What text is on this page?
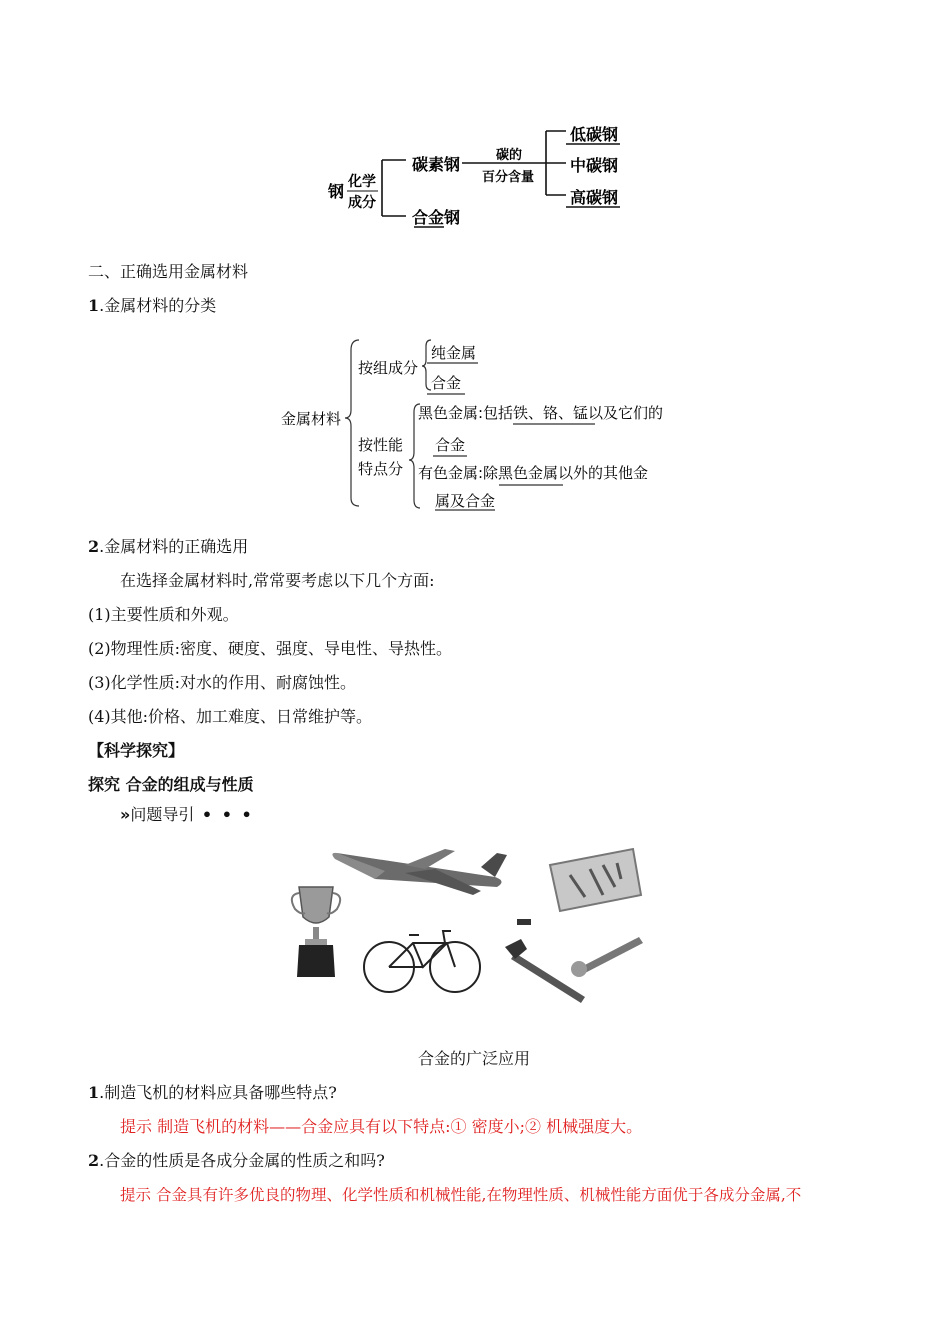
钢 化学
成分
碳素钢
合金钢
碳的
百分含量
低碳钢
中碳钢
高碳钢
二、正确选用金属材料
1.金属材料的分类
金属材料
按组成分
纯金属
合金
按性能
特点分
黑色金属:包括铁、铬、锰以及它们的
合金
有色金属:除黑色金属以外的其他金
属及合金
2.金属材料的正确选用
在选择金属材料时,常常要考虑以下几个方面:
(1)主要性质和外观。
(2)物理性质:密度、硬度、强度、导电性、导热性。
(3)化学性质:对水的作用、耐腐蚀性。
(4)其他:价格、加工难度、日常维护等。
【科学探究】
探究 合金的组成与性质
»问题导引 • • •
合金的广泛应用
1.制造飞机的材料应具备哪些特点?
提示 制造飞机的材料——合金应具有以下特点:① 密度小;② 机械强度大。
2.合金的性质是各成分金属的性质之和吗?
提示 合金具有许多优良的物理、化学性质和机械性能,在物理性质、机械性能方面优于各成分金属,不
